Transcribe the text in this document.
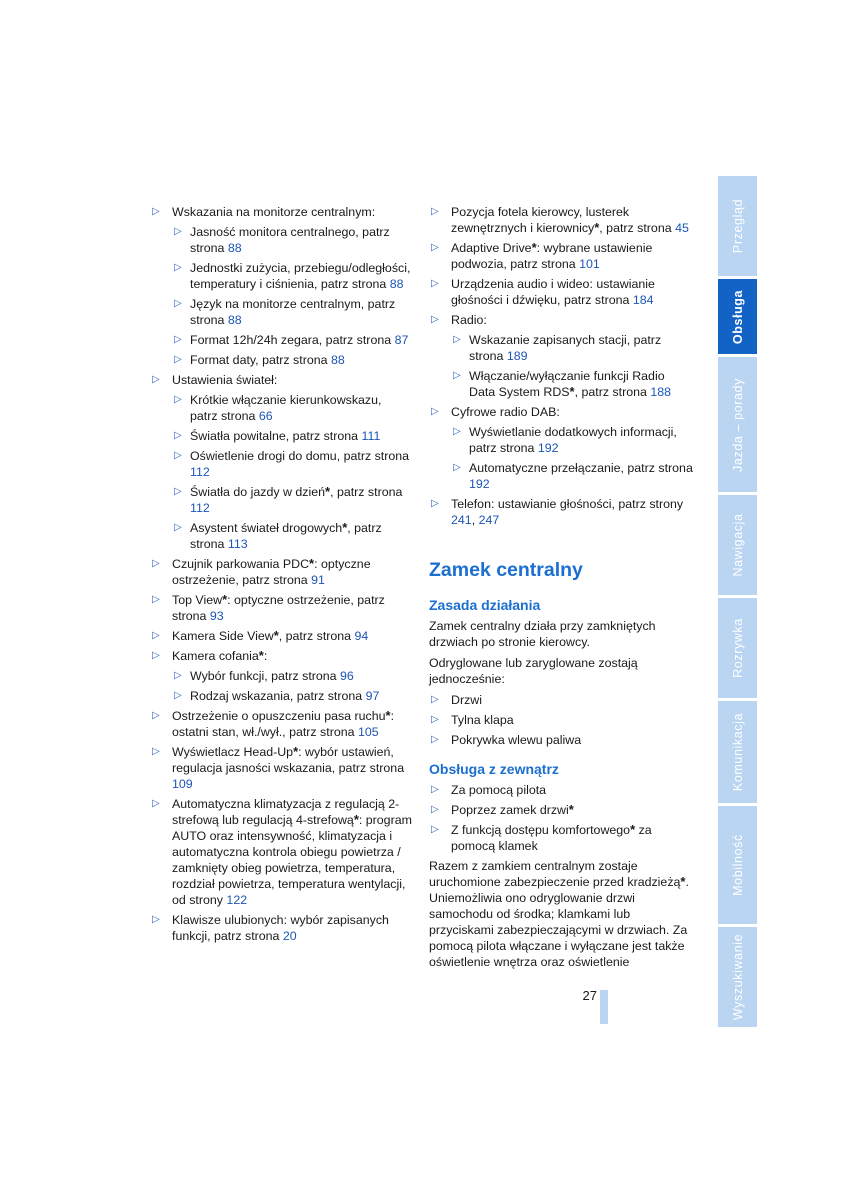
▷ Wskazania na monitorze centralnym:
▷ Jasność monitora centralnego, patrz strona 88
▷ Jednostki zużycia, przebiegu/odległości, temperatury i ciśnienia, patrz strona 88
▷ Język na monitorze centralnym, patrz strona 88
▷ Format 12h/24h zegara, patrz strona 87
▷ Format daty, patrz strona 88
▷ Ustawienia świateł:
▷ Krótkie włączanie kierunkowskazu, patrz strona 66
▷ Światła powitalne, patrz strona 111
▷ Oświetlenie drogi do domu, patrz strona 112
▷ Światła do jazdy w dzień*, patrz strona 112
▷ Asystent świateł drogowych*, patrz strona 113
▷ Czujnik parkowania PDC*: optyczne ostrzeżenie, patrz strona 91
▷ Top View*: optyczne ostrzeżenie, patrz strona 93
▷ Kamera Side View*, patrz strona 94
▷ Kamera cofania*:
▷ Wybór funkcji, patrz strona 96
▷ Rodzaj wskazania, patrz strona 97
▷ Ostrzeżenie o opuszczeniu pasa ruchu*: ostatni stan, wł./wył., patrz strona 105
▷ Wyświetlacz Head-Up*: wybór ustawień, regulacja jasności wskazania, patrz strona 109
▷ Automatyczna klimatyzacja z regulacją 2-strefową lub regulacją 4-strefową*: program AUTO oraz intensywność, klimatyzacja i automatyczna kontrola obiegu powietrza / zamknięty obieg powietrza, temperatura, rozdział powietrza, temperatura wentylacji, od strony 122
▷ Klawisze ulubionych: wybór zapisanych funkcji, patrz strona 20
▷ Pozycja fotela kierowcy, lusterek zewnętrznych i kierownicy*, patrz strona 45
▷ Adaptive Drive*: wybrane ustawienie podwozia, patrz strona 101
▷ Urządzenia audio i wideo: ustawianie głośności i dźwięku, patrz strona 184
▷ Radio:
▷ Wskazanie zapisanych stacji, patrz strona 189
▷ Włączanie/wyłączanie funkcji Radio Data System RDS*, patrz strona 188
▷ Cyfrowe radio DAB:
▷ Wyświetlanie dodatkowych informacji, patrz strona 192
▷ Automatyczne przełączanie, patrz strona 192
▷ Telefon: ustawianie głośności, patrz strony 241, 247
Zamek centralny
Zasada działania

Zamek centralny działa przy zamkniętych drzwiach po stronie kierowcy.

Odryglowane lub zaryglowane zostają jednocześnie:

▷ Drzwi
▷ Tylna klapa
▷ Pokrywka wlewu paliwa
Obsługa z zewnątrz
▷ Za pomocą pilota
▷ Poprzez zamek drzwi*
▷ Z funkcją dostępu komfortowego* za pomocą klamek

Razem z zamkiem centralnym zostaje uruchomione zabezpieczenie przed kradzieżą*. Uniemożliwia ono odryglowanie drzwi samochodu od środka; klamkami lub przyciskami zabezpieczającymi w drzwiach. Za pomocą pilota włączane i wyłączane jest także oświetlenie wnętrza oraz oświetlenie

27
Przegląd
Obsługa
Jazda – porady
Nawigacja
Rozrywka
Komunikacja
Mobilność
Wyszukiwanie
